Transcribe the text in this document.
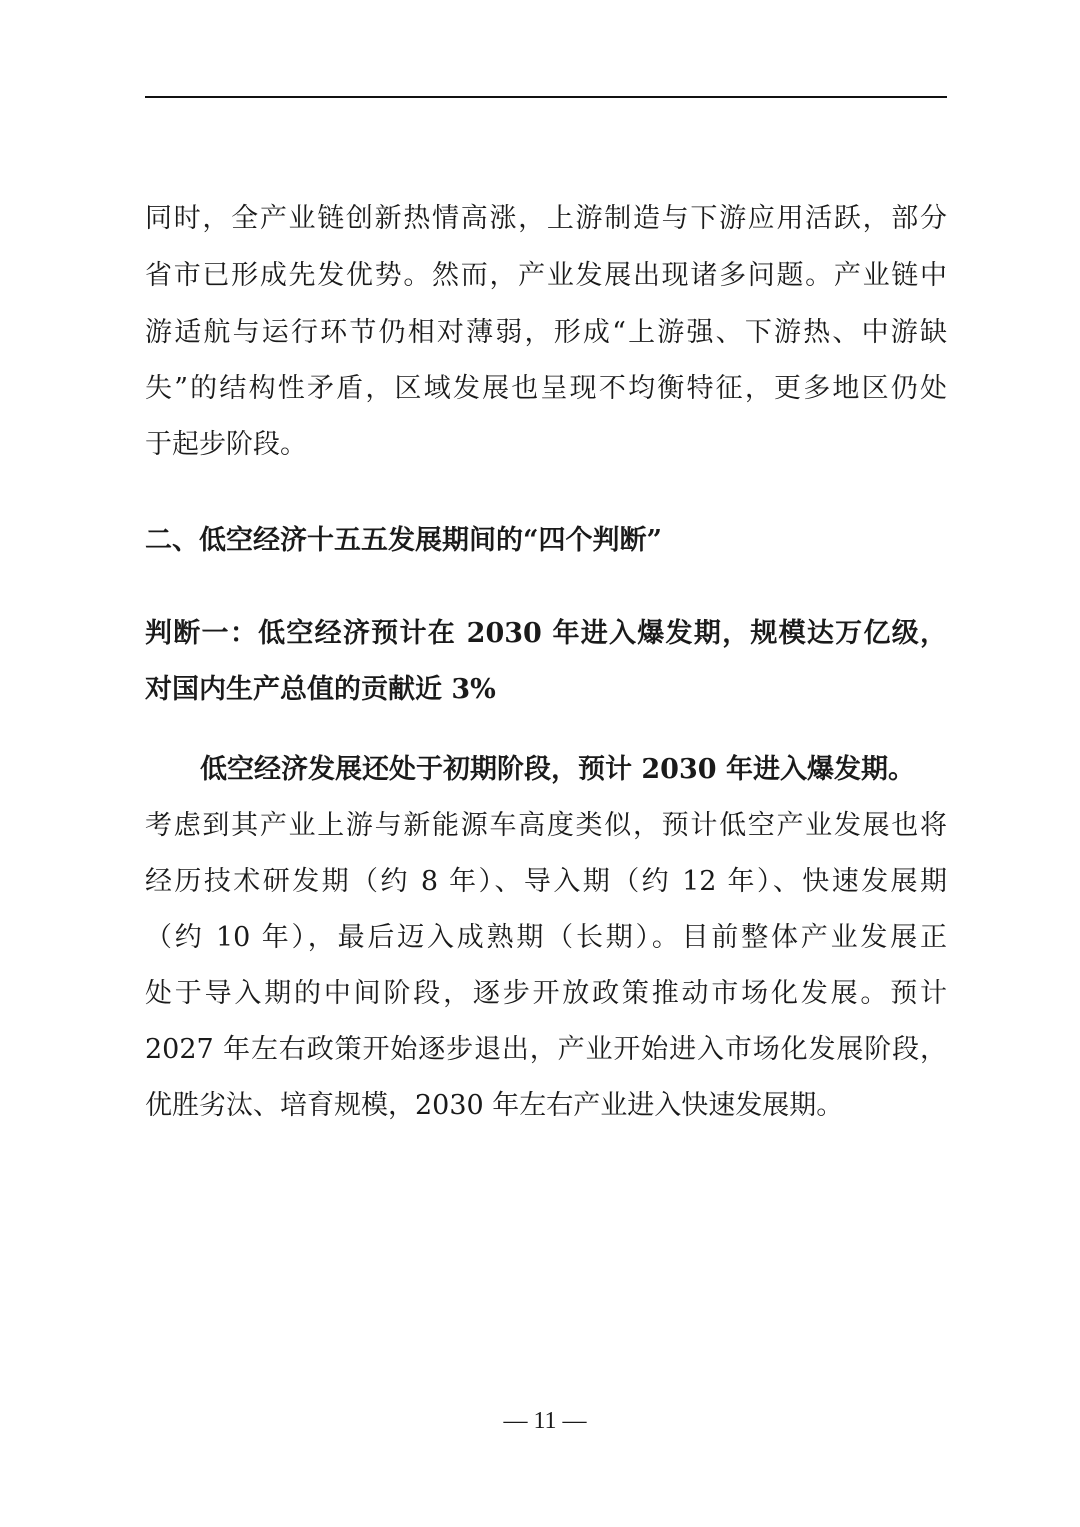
同时，全产业链创新热情高涨，上游制造与下游应用活跃，部分
省市已形成先发优势。然而，产业发展出现诸多问题。产业链中
游适航与运行环节仍相对薄弱，形成“上游强、下游热、中游缺
失”的结构性矛盾，区域发展也呈现不均衡特征，更多地区仍处
于起步阶段。
二、低空经济十五五发展期间的“四个判断”
判断一：低空经济预计在 2030 年进入爆发期，规模达万亿级，
对国内生产总值的贡献近 3%
低空经济发展还处于初期阶段，预计 2030 年进入爆发期。
考虑到其产业上游与新能源车高度类似，预计低空产业发展也将
经历技术研发期（约 8 年）、导入期（约 12 年）、快速发展期
（约 10 年），最后迈入成熟期（长期）。目前整体产业发展正
处于导入期的中间阶段，逐步开放政策推动市场化发展。预计
2027 年左右政策开始逐步退出，产业开始进入市场化发展阶段，
优胜劣汰、培育规模，2030 年左右产业进入快速发展期。
— 11 —
